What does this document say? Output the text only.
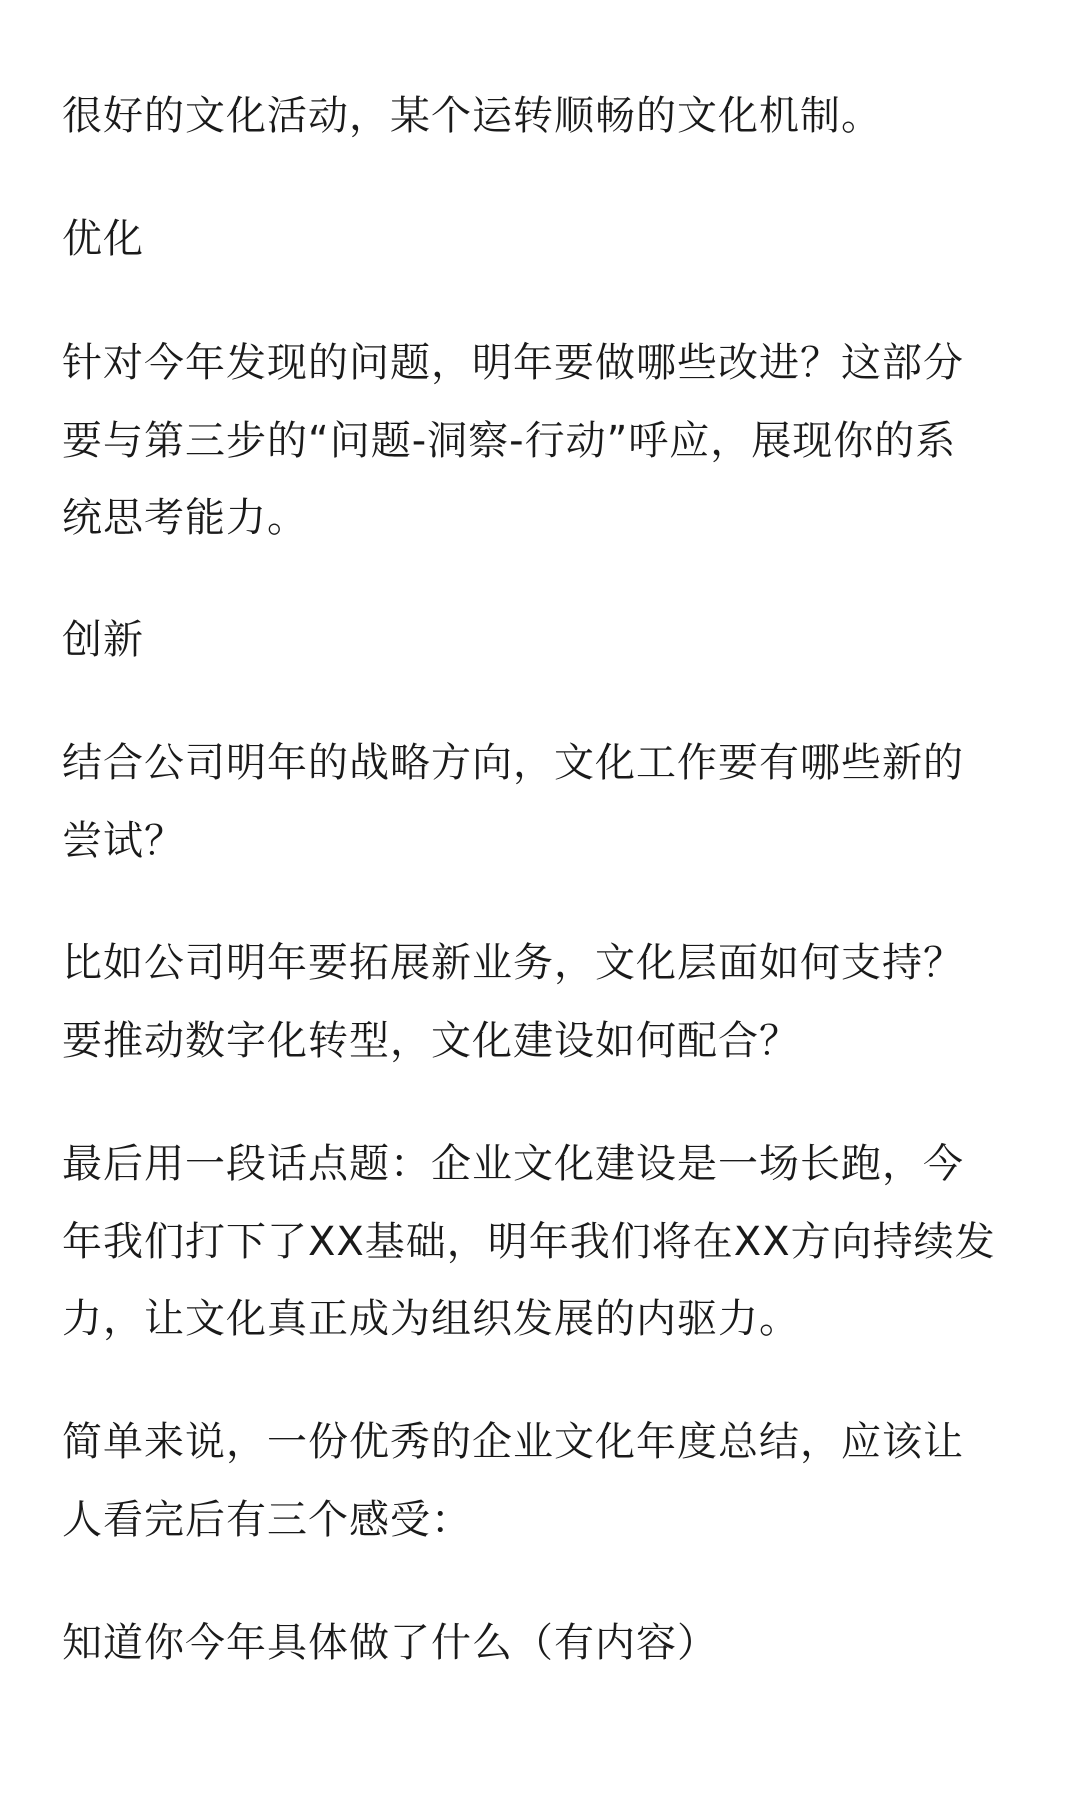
很好的文化活动，某个运转顺畅的文化机制。
优化
针对今年发现的问题，明年要做哪些改进？这部分
要与第三步的“问题-洞察-行动”呼应，展现你的系
统思考能力。
创新
结合公司明年的战略方向，文化工作要有哪些新的
尝试？
比如公司明年要拓展新业务，文化层面如何支持？
要推动数字化转型，文化建设如何配合？
最后用一段话点题：企业文化建设是一场长跑，今
年我们打下了XX基础，明年我们将在XX方向持续发
力，让文化真正成为组织发展的内驱力。
简单来说，一份优秀的企业文化年度总结，应该让
人看完后有三个感受：
知道你今年具体做了什么（有内容）
